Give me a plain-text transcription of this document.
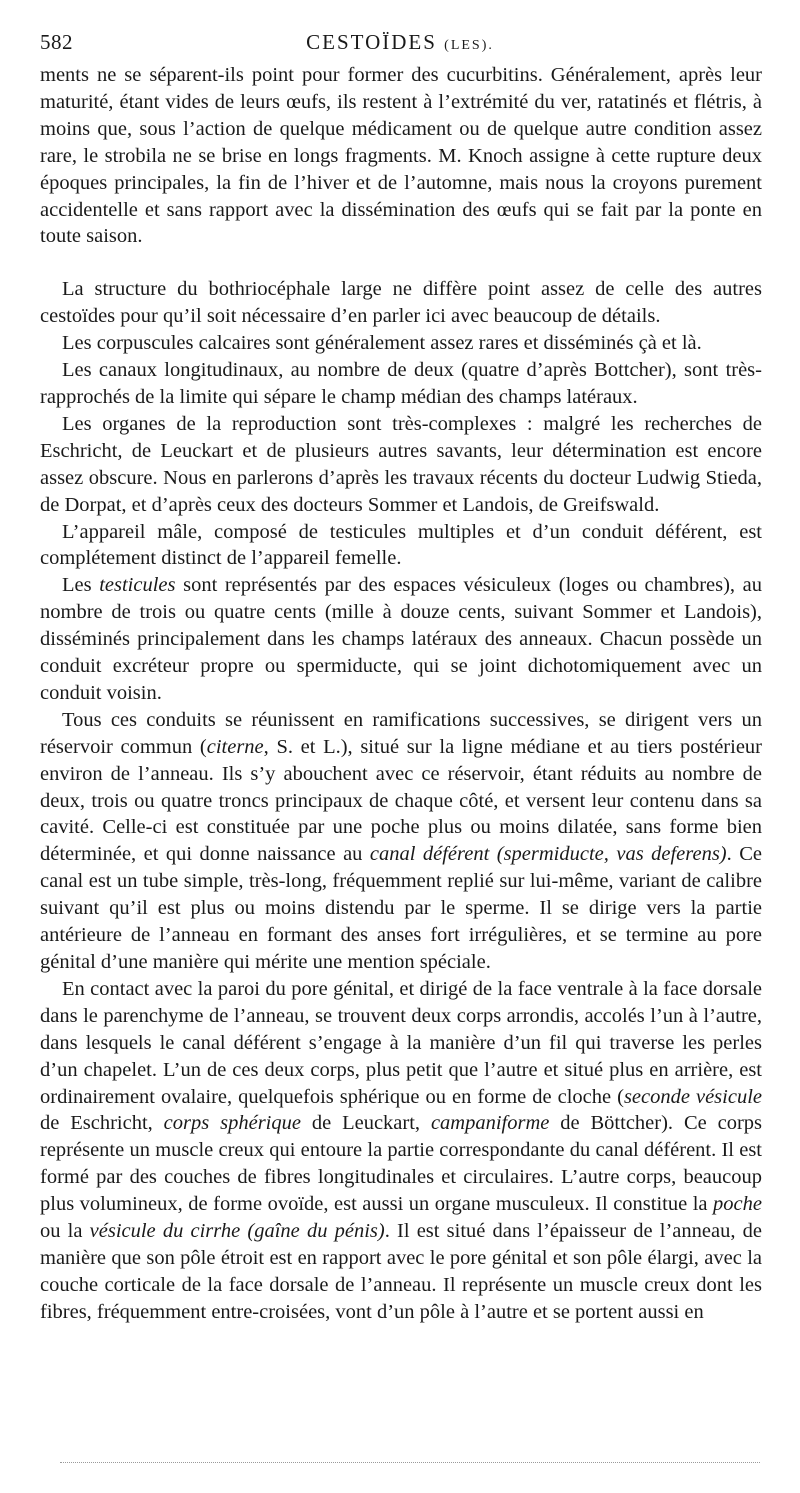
582	CESTOÏDES (LES).

ments ne se séparent-ils point pour former des cucurbitins. Généralement, après leur maturité, étant vides de leurs œufs, ils restent à l’extrémité du ver, ratatinés et flétris, à moins que, sous l’action de quelque médicament ou de quelque autre condition assez rare, le strobila ne se brise en longs fragments. M. Knoch assigne à cette rupture deux époques principales, la fin de l’hiver et de l’automne, mais nous la croyons purement accidentelle et sans rapport avec la dissémination des œufs qui se fait par la ponte en toute saison.

La structure du bothriocéphale large ne diffère point assez de celle des autres cestoïdes pour qu’il soit nécessaire d’en parler ici avec beaucoup de détails.

Les corpuscules calcaires sont généralement assez rares et disséminés çà et là.

Les canaux longitudinaux, au nombre de deux (quatre d’après Bottcher), sont très-rapprochés de la limite qui sépare le champ médian des champs latéraux.

Les organes de la reproduction sont très-complexes : malgré les recherches de Eschricht, de Leuckart et de plusieurs autres savants, leur détermination est encore assez obscure. Nous en parlerons d’après les travaux récents du docteur Ludwig Stieda, de Dorpat, et d’après ceux des docteurs Sommer et Landois, de Greifswald.

L’appareil mâle, composé de testicules multiples et d’un conduit déférent, est complétement distinct de l’appareil femelle.

Les testicules sont représentés par des espaces vésiculeux (loges ou chambres), au nombre de trois ou quatre cents (mille à douze cents, suivant Sommer et Landois), disséminés principalement dans les champs latéraux des anneaux. Chacun possède un conduit excréteur propre ou spermiducte, qui se joint dichotomiquement avec un conduit voisin.

Tous ces conduits se réunissent en ramifications successives, se dirigent vers un réservoir commun (citerne, S. et L.), situé sur la ligne médiane et au tiers postérieur environ de l’anneau. Ils s’y abouchent avec ce réservoir, étant réduits au nombre de deux, trois ou quatre troncs principaux de chaque côté, et versent leur contenu dans sa cavité. Celle-ci est constituée par une poche plus ou moins dilatée, sans forme bien déterminée, et qui donne naissance au canal déférent (spermiducte, vas deferens). Ce canal est un tube simple, très-long, fréquemment replié sur lui-même, variant de calibre suivant qu’il est plus ou moins distendu par le sperme. Il se dirige vers la partie antérieure de l’anneau en formant des anses fort irrégulières, et se termine au pore génital d’une manière qui mérite une mention spéciale.

En contact avec la paroi du pore génital, et dirigé de la face ventrale à la face dorsale dans le parenchyme de l’anneau, se trouvent deux corps arrondis, accolés l’un à l’autre, dans lesquels le canal déférent s’engage à la manière d’un fil qui traverse les perles d’un chapelet. L’un de ces deux corps, plus petit que l’autre et situé plus en arrière, est ordinairement ovalaire, quelquefois sphérique ou en forme de cloche (seconde vésicule de Eschricht, corps sphérique de Leuckart, campaniforme de Böttcher). Ce corps représente un muscle creux qui entoure la partie correspondante du canal déférent. Il est formé par des couches de fibres longitudinales et circulaires. L’autre corps, beaucoup plus volumineux, de forme ovoïde, est aussi un organe musculeux. Il constitue la poche ou la vésicule du cirrhe (gaîne du pénis). Il est situé dans l’épaisseur de l’anneau, de manière que son pôle étroit est en rapport avec le pore génital et son pôle élargi, avec la couche corticale de la face dorsale de l’anneau. Il représente un muscle creux dont les fibres, fréquemment entre-croisées, vont d’un pôle à l’autre et se portent aussi en
